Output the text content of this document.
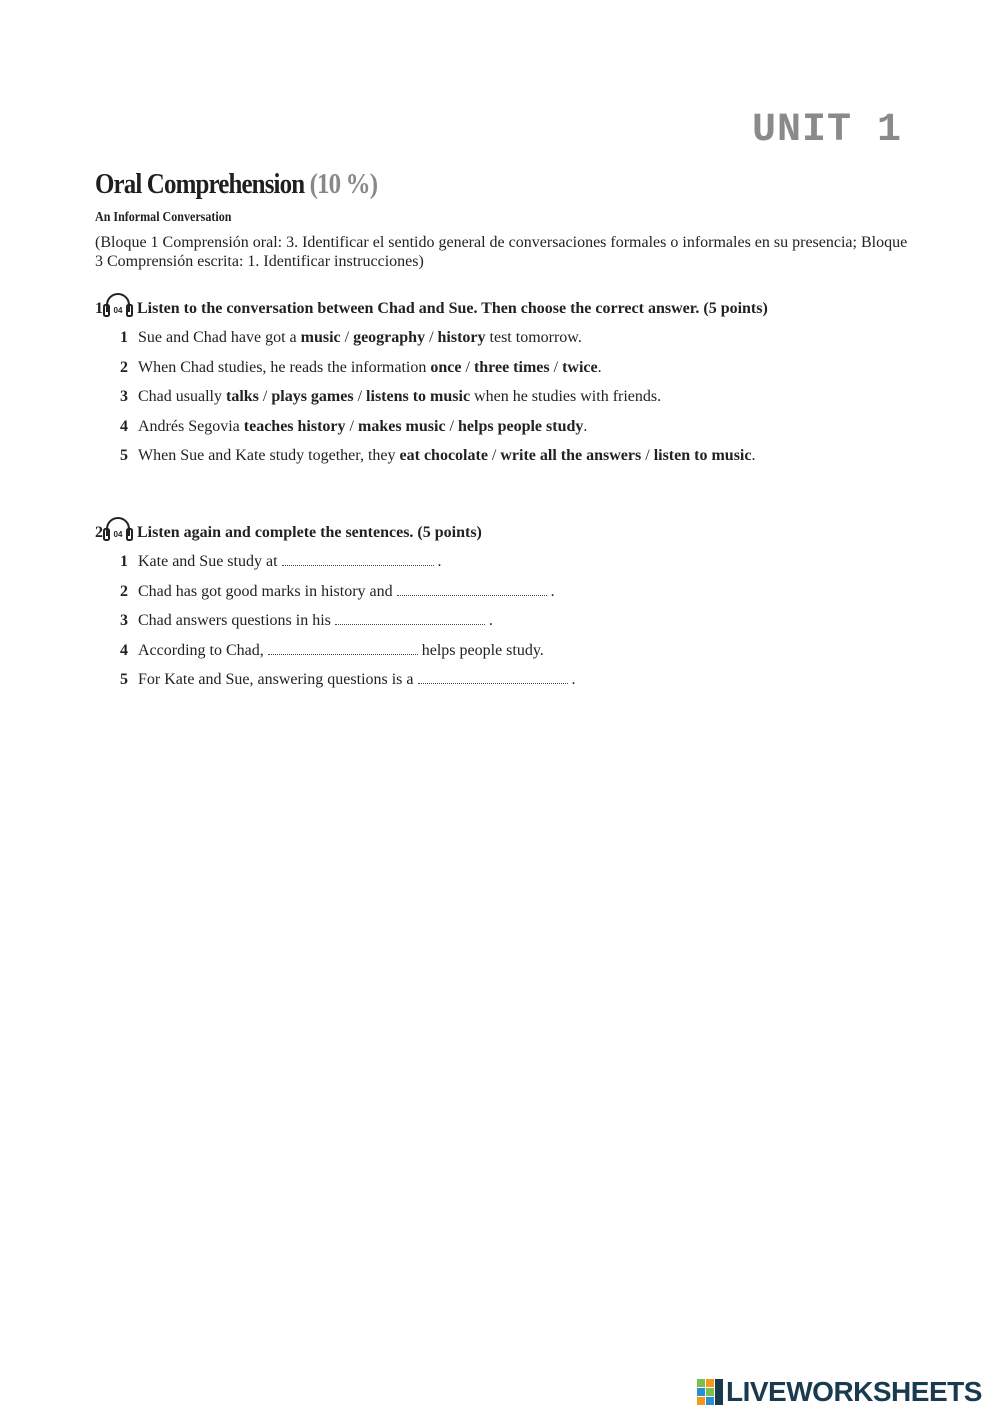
UNIT 1
Oral Comprehension (10 %)
An Informal Conversation
(Bloque 1 Comprensión oral: 3. Identificar el sentido general de conversaciones formales o informales en su presencia; Bloque 3 Comprensión escrita: 1. Identificar instrucciones)
1 04 Listen to the conversation between Chad and Sue. Then choose the correct answer. (5 points)
1 Sue and Chad have got a music / geography / history test tomorrow.
2 When Chad studies, he reads the information once / three times / twice.
3 Chad usually talks / plays games / listens to music when he studies with friends.
4 Andrés Segovia teaches history / makes music / helps people study.
5 When Sue and Kate study together, they eat chocolate / write all the answers / listen to music.
2 04 Listen again and complete the sentences. (5 points)
1 Kate and Sue study at	.
2 Chad has got good marks in history and	.
3 Chad answers questions in his	.
4 According to Chad,	helps people study.
5 For Kate and Sue, answering questions is a	.
LIVEWORKSHEETS
